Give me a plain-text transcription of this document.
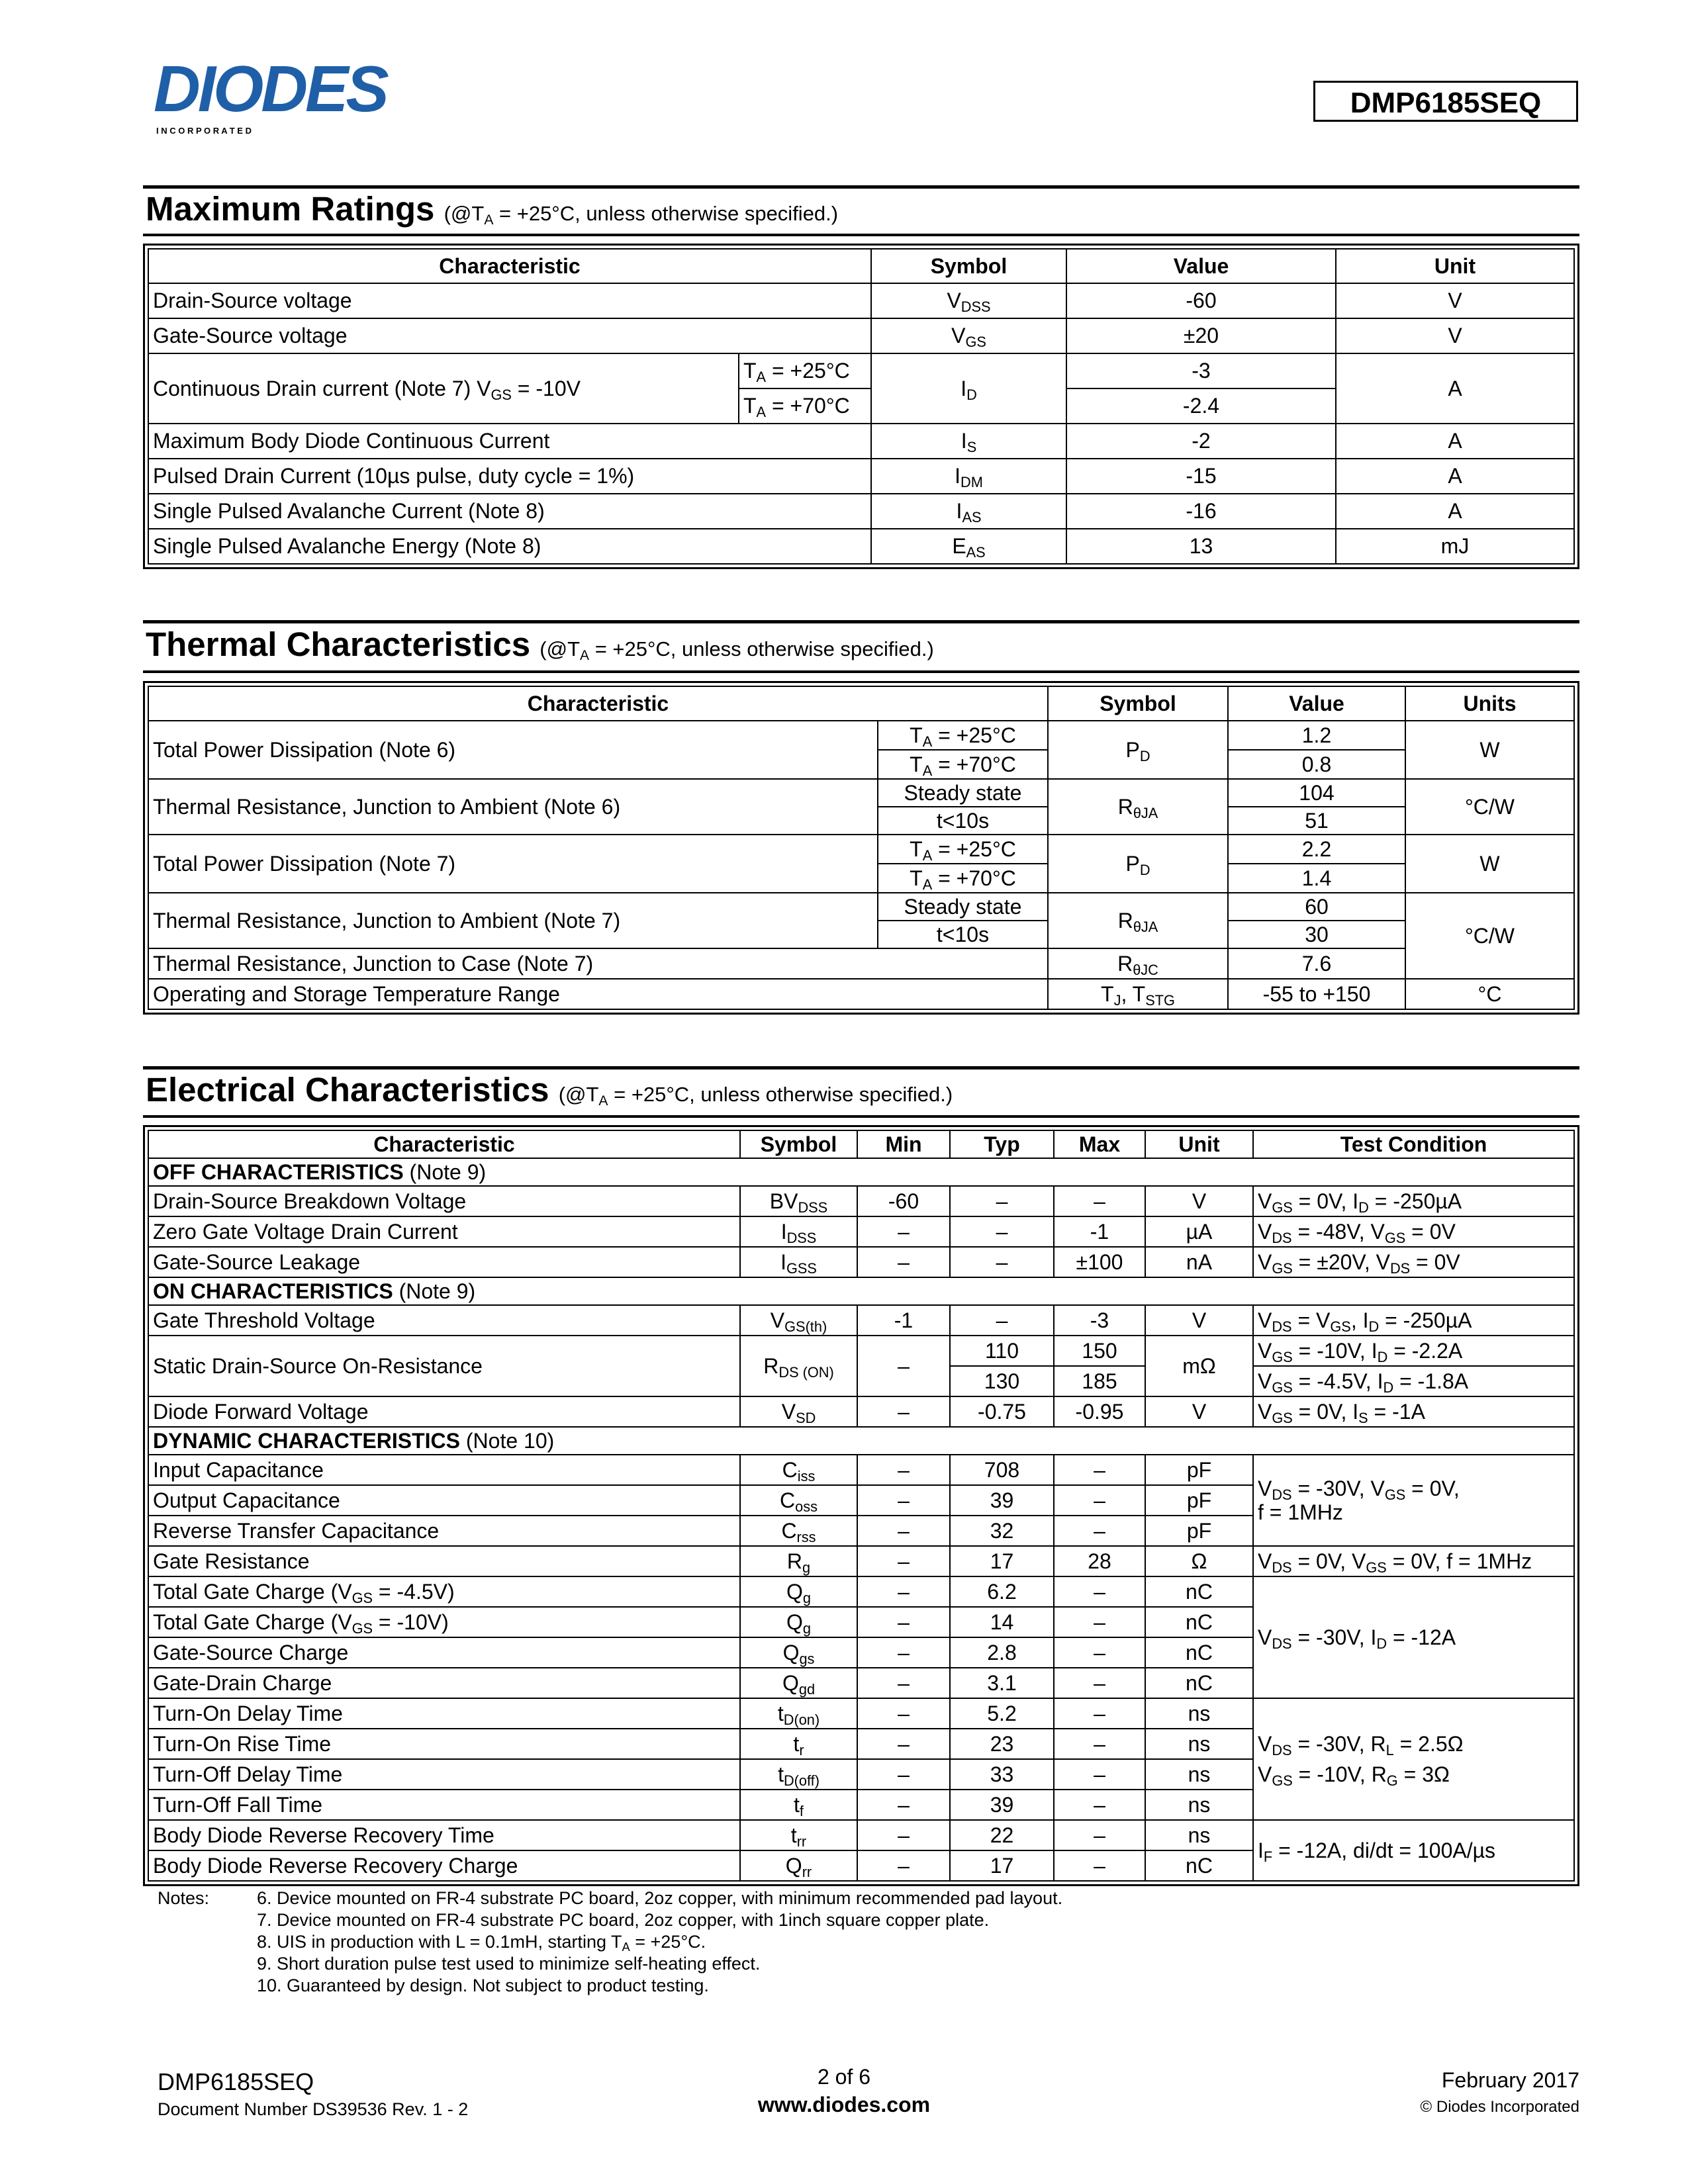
DIODES
I N C O R P O R A T E D
DMP6185SEQ
Maximum Ratings ($@T_A = +25^\circ C$, unless otherwise specified.)
Characteristic		Symbol	Value	Unit
Drain-Source voltage		$V_{DSS}$	-60	V
Gate-Source voltage		$V_{GS}$	±20	V
Continuous Drain current (Note 7) $V_{GS} = -10V$	$T_A = +25^\circ C$	$I_D$	-3	A
	$T_A = +70^\circ C$		-2.4	
Maximum Body Diode Continuous Current		$I_S$	-2	A
Pulsed Drain Current (10µs pulse, duty cycle = 1%)		$I_{DM}$	-15	A
Single Pulsed Avalanche Current (Note 8)		$I_{AS}$	-16	A
Single Pulsed Avalanche Energy (Note 8)		$E_{AS}$	13	mJ
Thermal Characteristics ($@T_A = +25^\circ C$, unless otherwise specified.)
Characteristic		Symbol	Value	Units
Total Power Dissipation (Note 6)	$T_A = +25^\circ C$	$P_D$	1.2	W
	$T_A = +70^\circ C$		0.8	
Thermal Resistance, Junction to Ambient (Note 6)	Steady state	$R_{\theta JA}$	104	°C/W
	t<10s		51	
Total Power Dissipation (Note 7)	$T_A = +25^\circ C$	$P_D$	2.2	W
	$T_A = +70^\circ C$		1.4	
Thermal Resistance, Junction to Ambient (Note 7)	Steady state	$R_{\theta JA}$	60	°C/W
	t<10s		30	
Thermal Resistance, Junction to Case (Note 7)		$R_{\theta JC}$	7.6	
Operating and Storage Temperature Range		$T_J$, $T_{STG}$	-55 to +150	°C
Electrical Characteristics ($@T_A = +25^\circ C$, unless otherwise specified.)
Characteristic	Symbol	Min	Typ	Max	Unit	Test Condition
OFF CHARACTERISTICS (Note 9)						
Drain-Source Breakdown Voltage	$BV_{DSS}$	-60	–	–	V	$V_{GS} = 0V$, $I_D = -250\mu A$
Zero Gate Voltage Drain Current	$I_{DSS}$	–	–	-1	µA	$V_{DS} = -48V$, $V_{GS} = 0V$
Gate-Source Leakage	$I_{GSS}$	–	–	±100	nA	$V_{GS} = \pm 20V$, $V_{DS} = 0V$
ON CHARACTERISTICS (Note 9)						
Gate Threshold Voltage	$V_{GS(th)}$	-1	–	-3	V	$V_{DS} = V_{GS}$, $I_D = -250\mu A$
Static Drain-Source On-Resistance	$R_{DS (ON)}$	–	110	150	mΩ	$V_{GS} = -10V$, $I_D = -2.2A$
			130	185		$V_{GS} = -4.5V$, $I_D = -1.8A$
Diode Forward Voltage	$V_{SD}$	–	-0.75	-0.95	V	$V_{GS} = 0V$, $I_S = -1A$
DYNAMIC CHARACTERISTICS (Note 10)						
Input Capacitance	$C_{iss}$	–	708	–	pF	$V_{DS} = -30V$, $V_{GS} = 0V$,
f = 1MHz
Output Capacitance	$C_{oss}$	–	39	–	pF	
Reverse Transfer Capacitance	$C_{rss}$	–	32	–	pF	
Gate Resistance	$R_g$	–	17	28	Ω	$V_{DS} = 0V$, $V_{GS} = 0V$, f = 1MHz
Total Gate Charge $(V_{GS} = -4.5V)$	$Q_g$	–	6.2	–	nC	$V_{DS} = -30V$, $I_D = -12A$
Total Gate Charge $(V_{GS} = -10V)$	$Q_g$	–	14	–	nC	
Gate-Source Charge	$Q_{gs}$	–	2.8	–	nC	
Gate-Drain Charge	$Q_{gd}$	–	3.1	–	nC	
Turn-On Delay Time	$t_{D(on)}$	–	5.2	–	ns	$V_{DS} = -30V$, $R_L = 2.5\Omega$
$V_{GS} = -10V$, $R_G = 3\Omega$
Turn-On Rise Time	$t_r$	–	23	–	ns	
Turn-Off Delay Time	$t_{D(off)}$	–	33	–	ns	
Turn-Off Fall Time	$t_f$	–	39	–	ns	
Body Diode Reverse Recovery Time	$t_{rr}$	–	22	–	ns	$I_F = -12A$, di/dt = 100A/µs
Body Diode Reverse Recovery Charge	$Q_{rr}$	–	17	–	nC	
Notes:	6. Device mounted on FR-4 substrate PC board, 2oz copper, with minimum recommended pad layout.
7. Device mounted on FR-4 substrate PC board, 2oz copper, with 1inch square copper plate.
8. UIS in production with L = 0.1mH, starting $T_A = +25^\circ C$.
9. Short duration pulse test used to minimize self-heating effect.
10. Guaranteed by design. Not subject to product testing.
DMP6185SEQ
Document Number DS39536 Rev. 1 - 2
2 of 6
www.diodes.com
February 2017
© Diodes Incorporated
